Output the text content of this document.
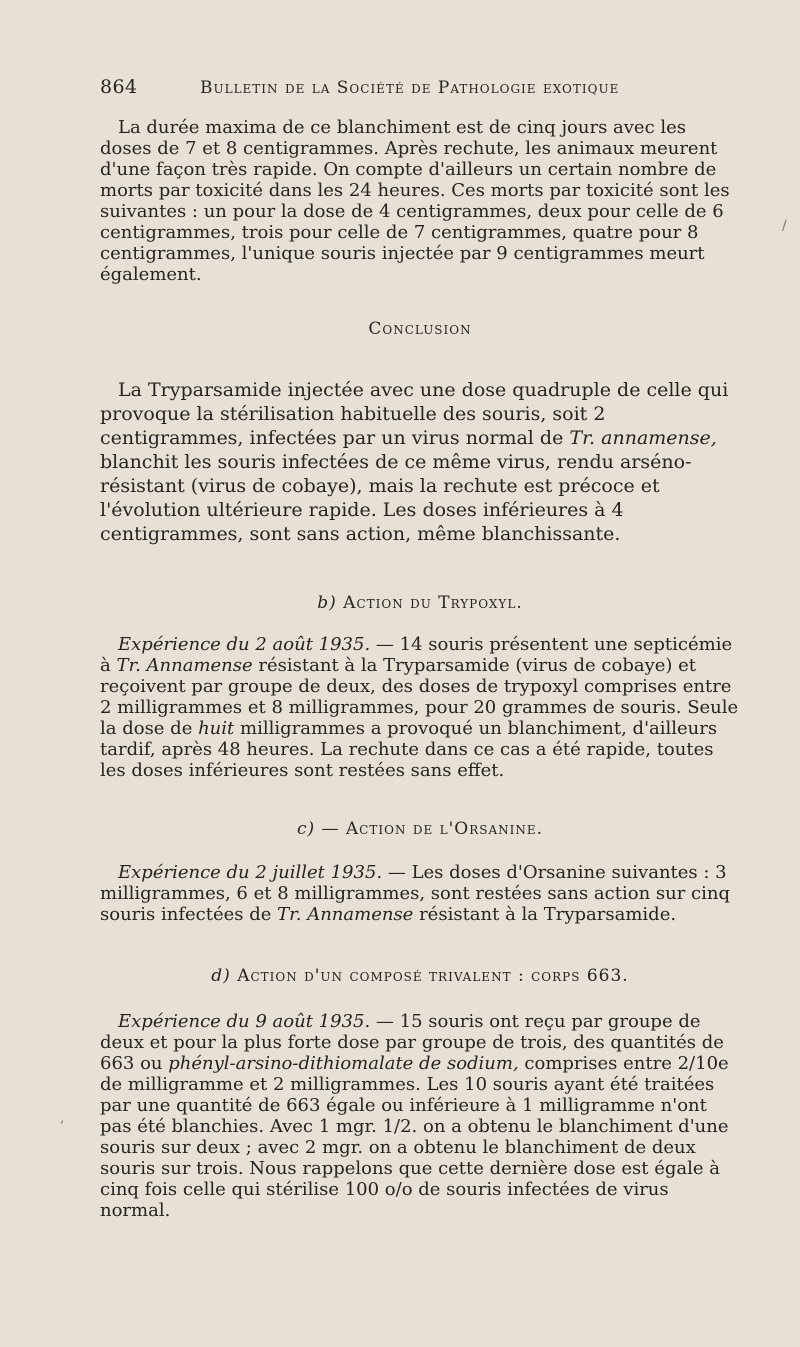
864	Bulletin de la Société de Pathologie exotique
La durée maxima de ce blanchiment est de cinq jours avec les doses de 7 et 8 centigrammes. Après rechute, les animaux meurent d'une façon très rapide. On compte d'ailleurs un certain nombre de morts par toxicité dans les 24 heures. Ces morts par toxicité sont les suivantes : un pour la dose de 4 centigrammes, deux pour celle de 6 centigrammes, trois pour celle de 7 centigrammes, quatre pour 8 centigrammes, l'unique souris injectée par 9 centigrammes meurt également.
Conclusion
La Tryparsamide injectée avec une dose quadruple de celle qui provoque la stérilisation habituelle des souris, soit 2 centigrammes, infectées par un virus normal de Tr. annamense, blanchit les souris infectées de ce même virus, rendu arséno-résistant (virus de cobaye), mais la rechute est précoce et l'évolution ultérieure rapide. Les doses inférieures à 4 centigrammes, sont sans action, même blanchissante.
b) Action du Trypoxyl.
Expérience du 2 août 1935. — 14 souris présentent une septicémie à Tr. Annamense résistant à la Tryparsamide (virus de cobaye) et reçoivent par groupe de deux, des doses de trypoxyl comprises entre 2 milligrammes et 8 milligrammes, pour 20 grammes de souris. Seule la dose de huit milligrammes a provoqué un blanchiment, d'ailleurs tardif, après 48 heures. La rechute dans ce cas a été rapide, toutes les doses inférieures sont restées sans effet.
c) — Action de l'Orsanine.
Expérience du 2 juillet 1935. — Les doses d'Orsanine suivantes : 3 milligrammes, 6 et 8 milligrammes, sont restées sans action sur cinq souris infectées de Tr. Annamense résistant à la Tryparsamide.
d) Action d'un composé trivalent : corps 663.
Expérience du 9 août 1935. — 15 souris ont reçu par groupe de deux et pour la plus forte dose par groupe de trois, des quantités de 663 ou phényl-arsino-dithiomalate de sodium, comprises entre 2/10e de milligramme et 2 milligrammes. Les 10 souris ayant été traitées par une quantité de 663 égale ou inférieure à 1 milligramme n'ont pas été blanchies. Avec 1 mgr. 1/2. on a obtenu le blanchiment d'une souris sur deux ; avec 2 mgr. on a obtenu le blanchiment de deux souris sur trois. Nous rappelons que cette dernière dose est égale à cinq fois celle qui stérilise 100 o/o de souris infectées de virus normal.
/
,
